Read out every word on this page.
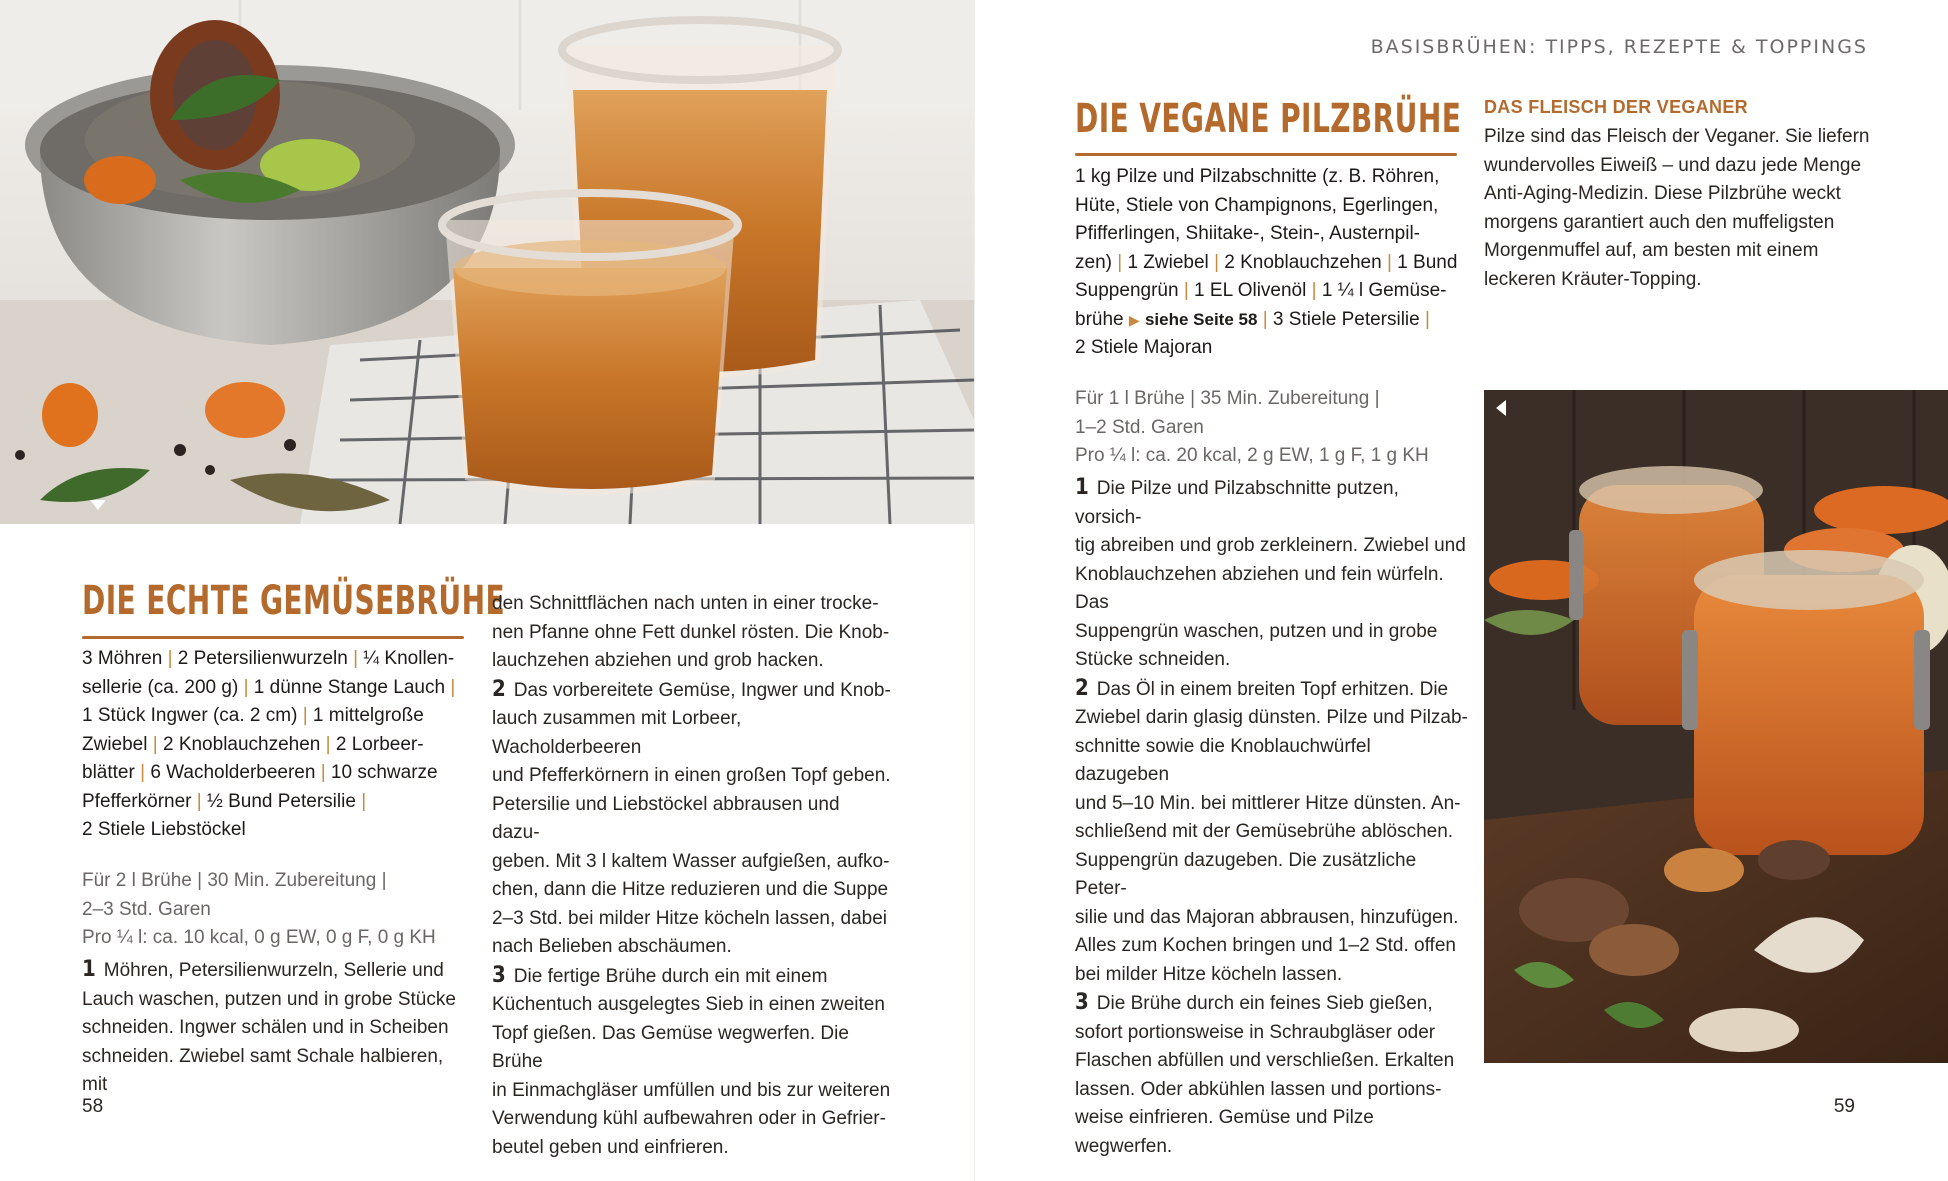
DIE ECHTE GEMÜSEBRÜHE

3 Möhren | 2 Petersilienwurzeln | ¼ Knollen-

sellerie (ca. 200 g) | 1 dünne Stange Lauch |

1 Stück Ingwer (ca. 2 cm) | 1 mittelgroße

Zwiebel | 2 Knoblauchzehen | 2 Lorbeer-

blätter | 6 Wacholderbeeren | 10 schwarze

Pfefferkörner | ½ Bund Petersilie |

2 Stiele Liebstöckel

Für 2 l Brühe | 30 Min. Zubereitung |

2–3 Std. Garen

Pro ¼ l: ca. 10 kcal, 0 g EW, 0 g F, 0 g KH

1 Möhren, Petersilienwurzeln, Sellerie und

Lauch waschen, putzen und in grobe Stücke

schneiden. Ingwer schälen und in Scheiben

schneiden. Zwiebel samt Schale halbieren, mit

den Schnittflächen nach unten in einer trocke-

nen Pfanne ohne Fett dunkel rösten. Die Knob-

lauchzehen abziehen und grob hacken.

2 Das vorbereitete Gemüse, Ingwer und Knob-

lauch zusammen mit Lorbeer, Wacholderbeeren

und Pfefferkörnern in einen großen Topf geben.

Petersilie und Liebstöckel abbrausen und dazu-

geben. Mit 3 l kaltem Wasser aufgießen, aufko-

chen, dann die Hitze reduzieren und die Suppe

2–3 Std. bei milder Hitze köcheln lassen, dabei

nach Belieben abschäumen.

3 Die fertige Brühe durch ein mit einem

Küchentuch ausgelegtes Sieb in einen zweiten

Topf gießen. Das Gemüse wegwerfen. Die Brühe

in Einmachgläser umfüllen und bis zur weiteren

Verwendung kühl aufbewahren oder in Gefrier-

beutel geben und einfrieren.

58
BASISBRÜHEN: TIPPS, REZEPTE & TOPPINGS
DIE VEGANE PILZBRÜHE

1 kg Pilze und Pilzabschnitte (z. B. Röhren,

Hüte, Stiele von Champignons, Egerlingen,

Pfifferlingen, Shiitake-, Stein-, Austernpil-

zen) | 1 Zwiebel | 2 Knoblauchzehen | 1 Bund

Suppengrün | 1 EL Olivenöl | 1 ¼ l Gemüse-

brühe ▶ siehe Seite 58 | 3 Stiele Petersilie |

2 Stiele Majoran

Für 1 l Brühe | 35 Min. Zubereitung |

1–2 Std. Garen

Pro ¼ l: ca. 20 kcal, 2 g EW, 1 g F, 1 g KH

1 Die Pilze und Pilzabschnitte putzen, vorsich-

tig abreiben und grob zerkleinern. Zwiebel und

Knoblauchzehen abziehen und fein würfeln. Das

Suppengrün waschen, putzen und in grobe

Stücke schneiden.

2 Das Öl in einem breiten Topf erhitzen. Die

Zwiebel darin glasig dünsten. Pilze und Pilzab-

schnitte sowie die Knoblauchwürfel dazugeben

und 5–10 Min. bei mittlerer Hitze dünsten. An-

schließend mit der Gemüsebrühe ablöschen.

Suppengrün dazugeben. Die zusätzliche Peter-

silie und das Majoran abbrausen, hinzufügen.

Alles zum Kochen bringen und 1–2 Std. offen

bei milder Hitze köcheln lassen.

3 Die Brühe durch ein feines Sieb gießen,

sofort portionsweise in Schraubgläser oder

Flaschen abfüllen und verschließen. Erkalten

lassen. Oder abkühlen lassen und portions-

weise einfrieren. Gemüse und Pilze wegwerfen.

DAS FLEISCH DER VEGANER

Pilze sind das Fleisch der Veganer. Sie liefern

wundervolles Eiweiß – und dazu jede Menge

Anti-Aging-Medizin. Diese Pilzbrühe weckt

morgens garantiert auch den muffeligsten

Morgenmuffel auf, am besten mit einem

leckeren Kräuter-Topping.

59
